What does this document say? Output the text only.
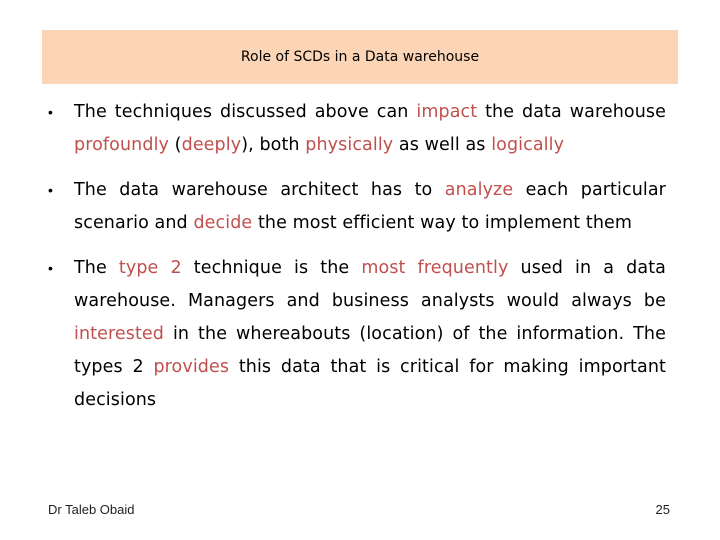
Role of SCDs in a Data warehouse
•	The techniques discussed above can impact the data warehouse profoundly (deeply), both physically as well as logically
•	The data warehouse architect has to analyze each particular scenario and decide the most efficient way to implement them
•	The type 2 technique is the most frequently used in a data warehouse. Managers and business analysts would always be interested in the whereabouts (location) of the information. The types 2 provides this data that is critical for making important decisions
Dr Taleb Obaid	25
